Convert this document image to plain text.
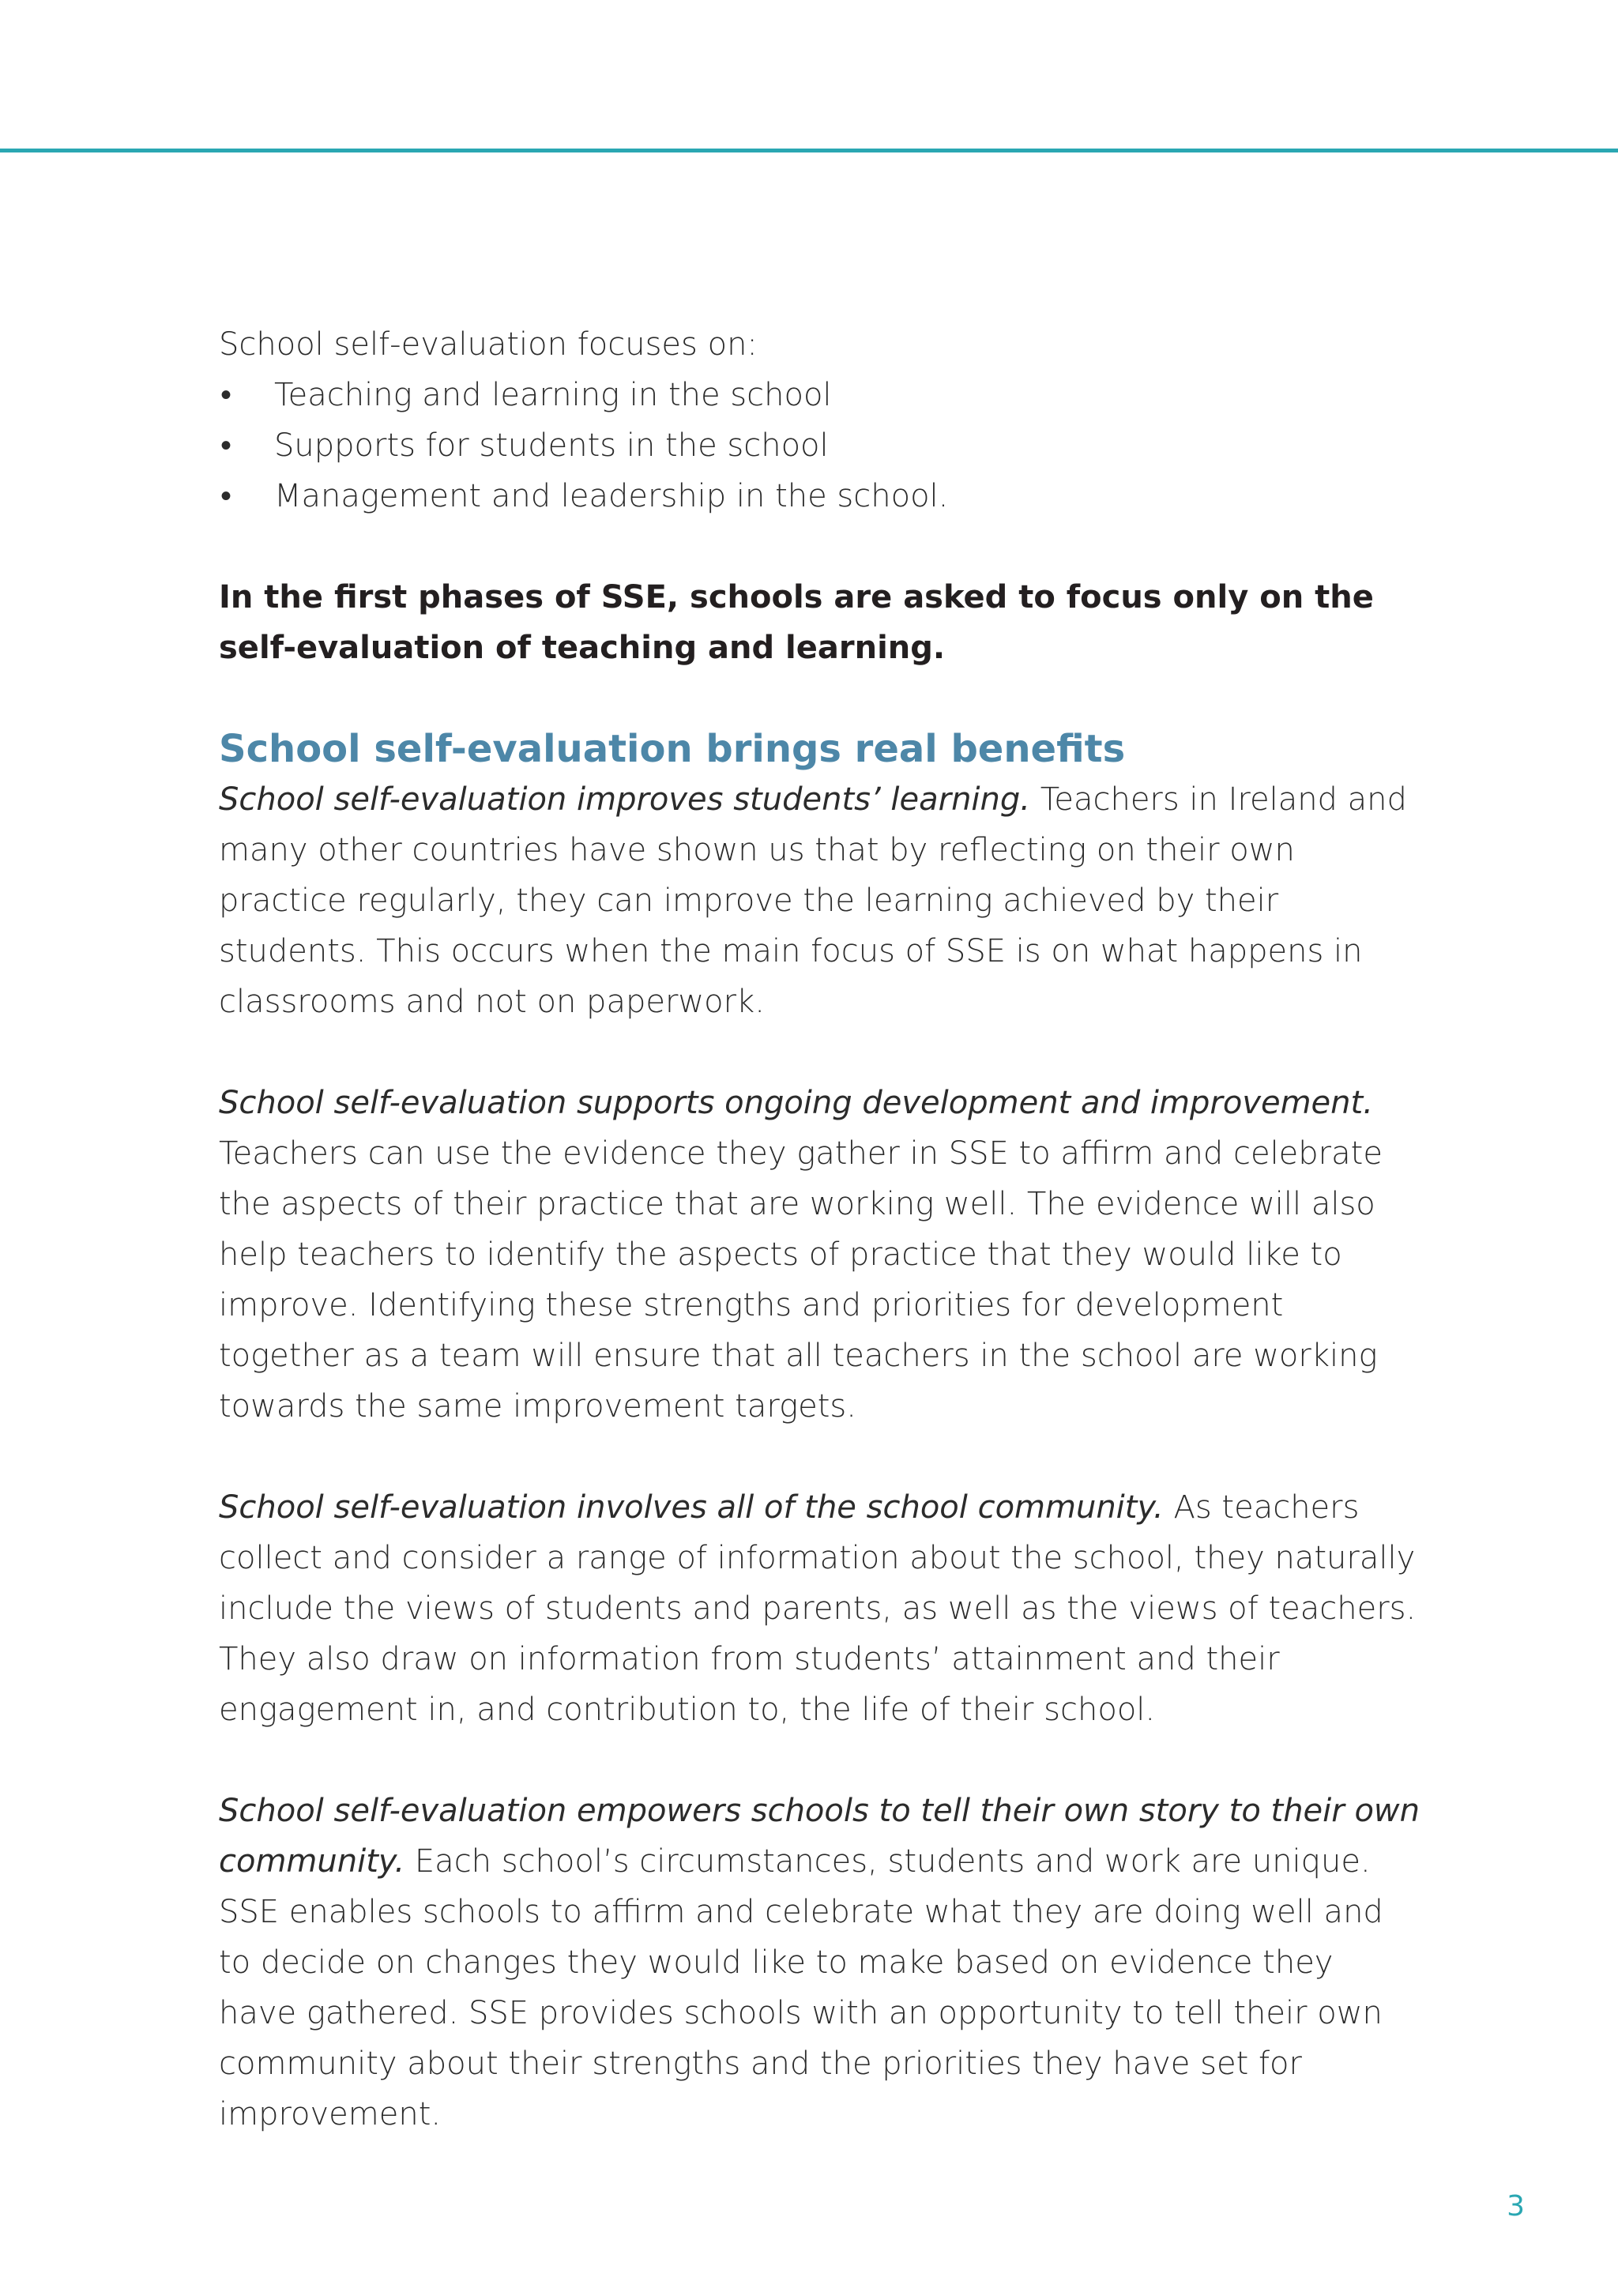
School self-evaluation focuses on:

• Teaching and learning in the school
• Supports for students in the school
• Management and leadership in the school.

In the first phases of SSE, schools are asked to focus only on the self-evaluation of teaching and learning.

School self-evaluation brings real benefits

School self-evaluation improves students’ learning. Teachers in Ireland and many other countries have shown us that by reflecting on their own practice regularly, they can improve the learning achieved by their students. This occurs when the main focus of SSE is on what happens in classrooms and not on paperwork.

School self-evaluation supports ongoing development and improvement. Teachers can use the evidence they gather in SSE to affirm and celebrate the aspects of their practice that are working well. The evidence will also help teachers to identify the aspects of practice that they would like to improve. Identifying these strengths and priorities for development together as a team will ensure that all teachers in the school are working towards the same improvement targets.

School self-evaluation involves all of the school community. As teachers collect and consider a range of information about the school, they naturally include the views of students and parents, as well as the views of teachers. They also draw on information from students’ attainment and their engagement in, and contribution to, the life of their school.

School self-evaluation empowers schools to tell their own story to their own community. Each school’s circumstances, students and work are unique. SSE enables schools to affirm and celebrate what they are doing well and to decide on changes they would like to make based on evidence they have gathered. SSE provides schools with an opportunity to tell their own community about their strengths and the priorities they have set for improvement.

3
